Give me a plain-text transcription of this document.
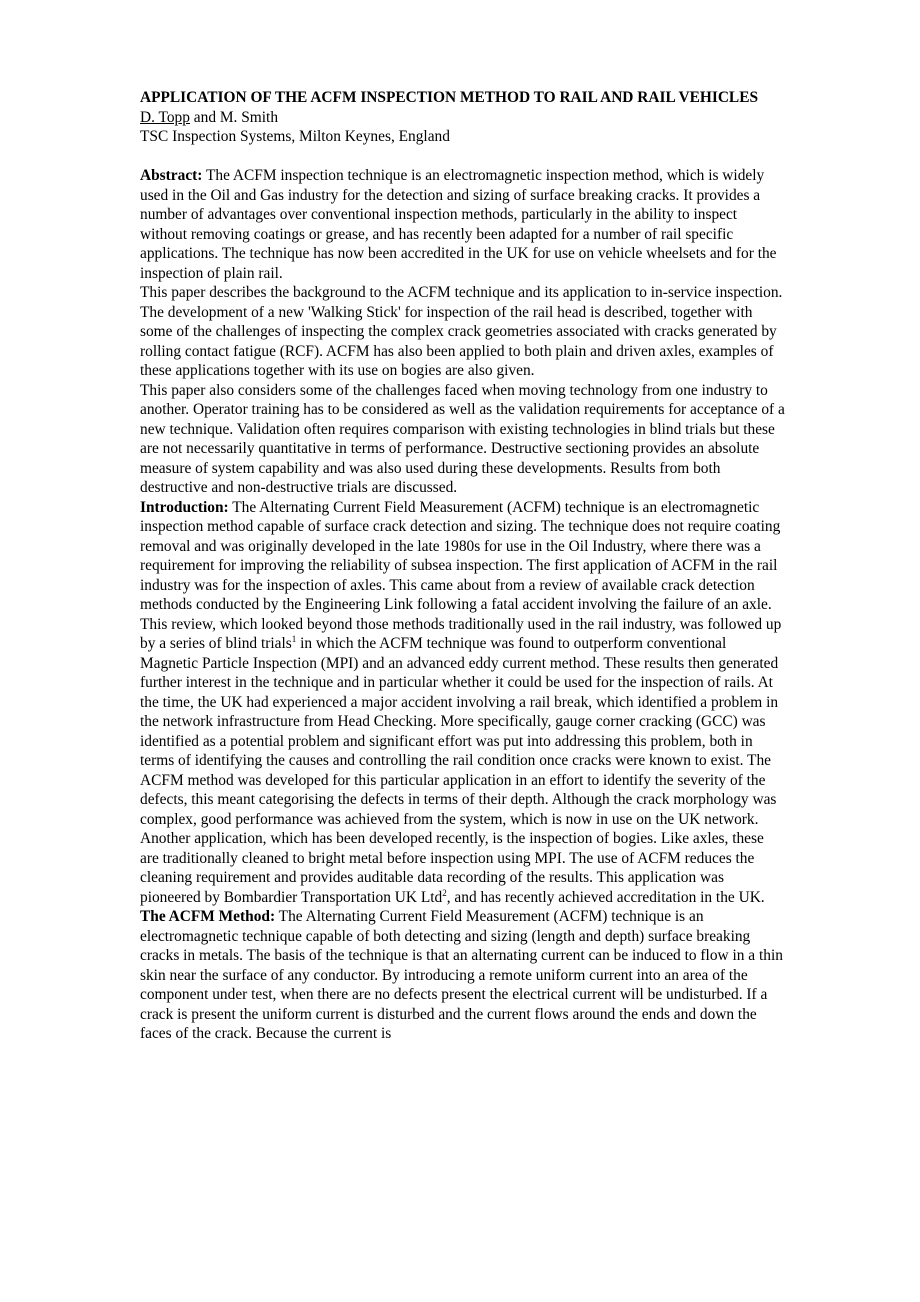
APPLICATION OF THE ACFM INSPECTION METHOD TO RAIL AND RAIL VEHICLES

D. Topp and M. Smith

TSC Inspection Systems, Milton Keynes, England

Abstract: The ACFM inspection technique is an electromagnetic inspection method, which is widely used in the Oil and Gas industry for the detection and sizing of surface breaking cracks. It provides a number of advantages over conventional inspection methods, particularly in the ability to inspect without removing coatings or grease, and has recently been adapted for a number of rail specific applications. The technique has now been accredited in the UK for use on vehicle wheelsets and for the inspection of plain rail.

This paper describes the background to the ACFM technique and its application to in-service inspection. The development of a new 'Walking Stick' for inspection of the rail head is described, together with some of the challenges of inspecting the complex crack geometries associated with cracks generated by rolling contact fatigue (RCF). ACFM has also been applied to both plain and driven axles, examples of these applications together with its use on bogies are also given.

This paper also considers some of the challenges faced when moving technology from one industry to another. Operator training has to be considered as well as the validation requirements for acceptance of a new technique. Validation often requires comparison with existing technologies in blind trials but these are not necessarily quantitative in terms of performance. Destructive sectioning provides an absolute measure of system capability and was also used during these developments. Results from both destructive and non-destructive trials are discussed.

Introduction: The Alternating Current Field Measurement (ACFM) technique is an electromagnetic inspection method capable of surface crack detection and sizing. The technique does not require coating removal and was originally developed in the late 1980s for use in the Oil Industry, where there was a requirement for improving the reliability of subsea inspection. The first application of ACFM in the rail industry was for the inspection of axles. This came about from a review of available crack detection methods conducted by the Engineering Link following a fatal accident involving the failure of an axle. This review, which looked beyond those methods traditionally used in the rail industry, was followed up by a series of blind trials$^1$ in which the ACFM technique was found to outperform conventional Magnetic Particle Inspection (MPI) and an advanced eddy current method. These results then generated further interest in the technique and in particular whether it could be used for the inspection of rails. At the time, the UK had experienced a major accident involving a rail break, which identified a problem in the network infrastructure from Head Checking. More specifically, gauge corner cracking (GCC) was identified as a potential problem and significant effort was put into addressing this problem, both in terms of identifying the causes and controlling the rail condition once cracks were known to exist. The ACFM method was developed for this particular application in an effort to identify the severity of the defects, this meant categorising the defects in terms of their depth. Although the crack morphology was complex, good performance was achieved from the system, which is now in use on the UK network.

Another application, which has been developed recently, is the inspection of bogies. Like axles, these are traditionally cleaned to bright metal before inspection using MPI. The use of ACFM reduces the cleaning requirement and provides auditable data recording of the results. This application was pioneered by Bombardier Transportation UK Ltd$^2$, and has recently achieved accreditation in the UK.

The ACFM Method: The Alternating Current Field Measurement (ACFM) technique is an electromagnetic technique capable of both detecting and sizing (length and depth) surface breaking cracks in metals. The basis of the technique is that an alternating current can be induced to flow in a thin skin near the surface of any conductor. By introducing a remote uniform current into an area of the component under test, when there are no defects present the electrical current will be undisturbed. If a crack is present the uniform current is disturbed and the current flows around the ends and down the faces of the crack. Because the current is
